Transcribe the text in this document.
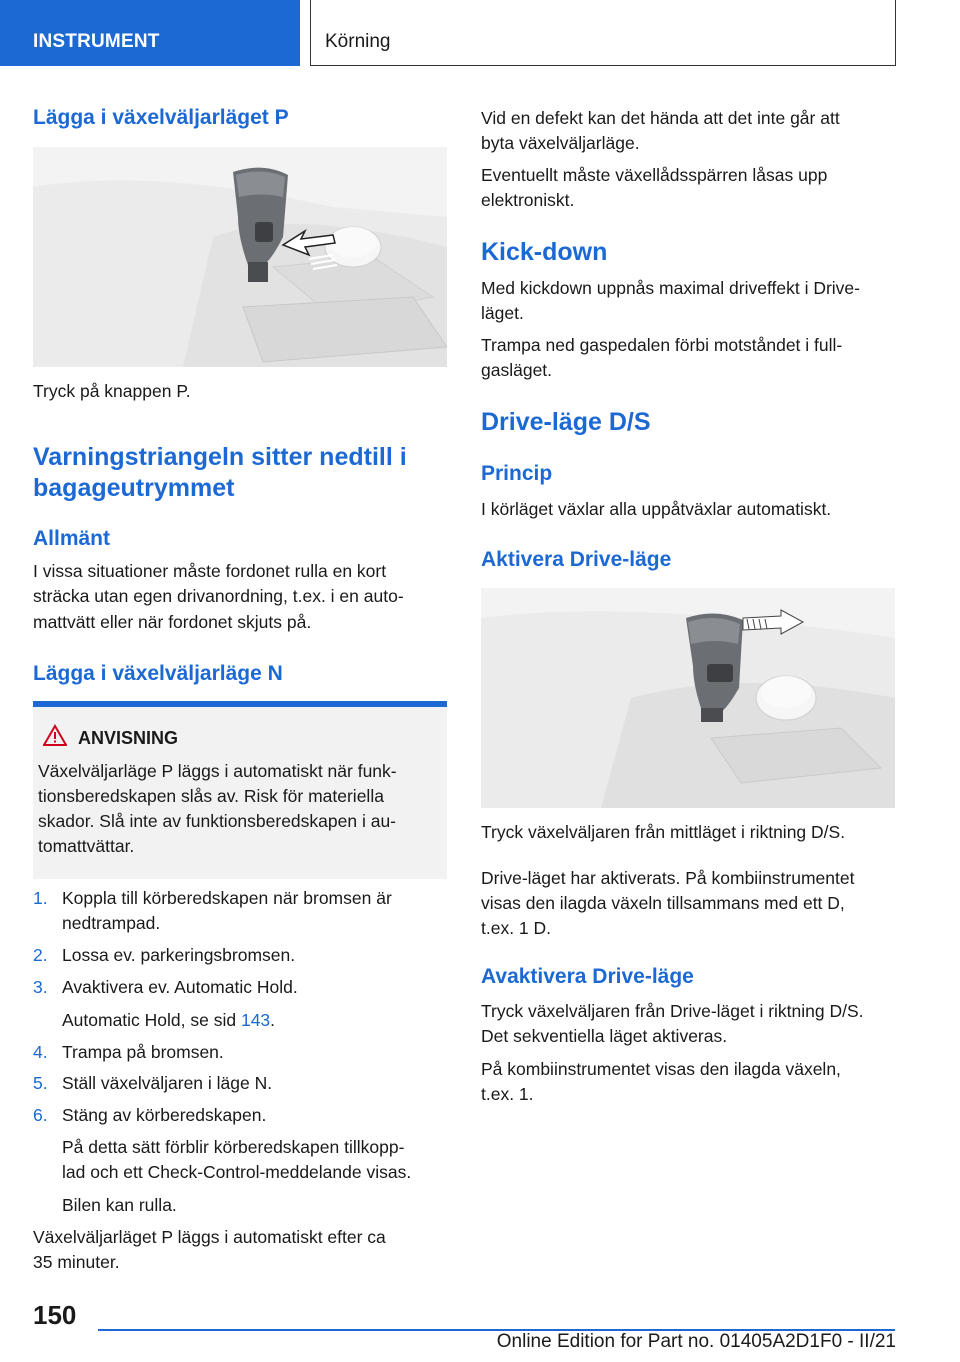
INSTRUMENT	Körning
Lägga i växelväljarläget P
Tryck på knappen P.
Varningstriangeln sitter nedtill i
bagageutrymmet
Allmänt
I vissa situationer måste fordonet rulla en kort
sträcka utan egen drivanordning, t.ex. i en auto-
mattvätt eller när fordonet skjuts på.
Lägga i växelväljarläge N
ANVISNING
Växelväljarläge P läggs i automatiskt när funk-
tionsberedskapen slås av. Risk för materiella
skador. Slå inte av funktionsberedskapen i au-
tomattvättar.
1. Koppla till körberedskapen när bromsen är
nedtrampad.
2. Lossa ev. parkeringsbromsen.
3. Avaktivera ev. Automatic Hold.
Automatic Hold, se sid 143.
4. Trampa på bromsen.
5. Ställ växelväljaren i läge N.
6. Stäng av körberedskapen.
På detta sätt förblir körberedskapen tillkopp-
lad och ett Check-Control-meddelande visas.
Bilen kan rulla.
Växelväljarläget P läggs i automatiskt efter ca
35 minuter.
Vid en defekt kan det hända att det inte går att
byta växelväljarläge.
Eventuellt måste växellådsspärren låsas upp
elektroniskt.
Kick-down
Med kickdown uppnås maximal driveffekt i Drive-
läget.
Trampa ned gaspedalen förbi motståndet i full-
gasläget.
Drive-läge D/S
Princip
I körläget växlar alla uppåtväxlar automatiskt.
Aktivera Drive-läge
Tryck växelväljaren från mittläget i riktning D/S.
Drive-läget har aktiverats. På kombiinstrumentet
visas den ilagda växeln tillsammans med ett D,
t.ex. 1 D.
Avaktivera Drive-läge
Tryck växelväljaren från Drive-läget i riktning D/S.
Det sekventiella läget aktiveras.
På kombiinstrumentet visas den ilagda växeln,
t.ex. 1.
150
Online Edition for Part no. 01405A2D1F0 - II/21
